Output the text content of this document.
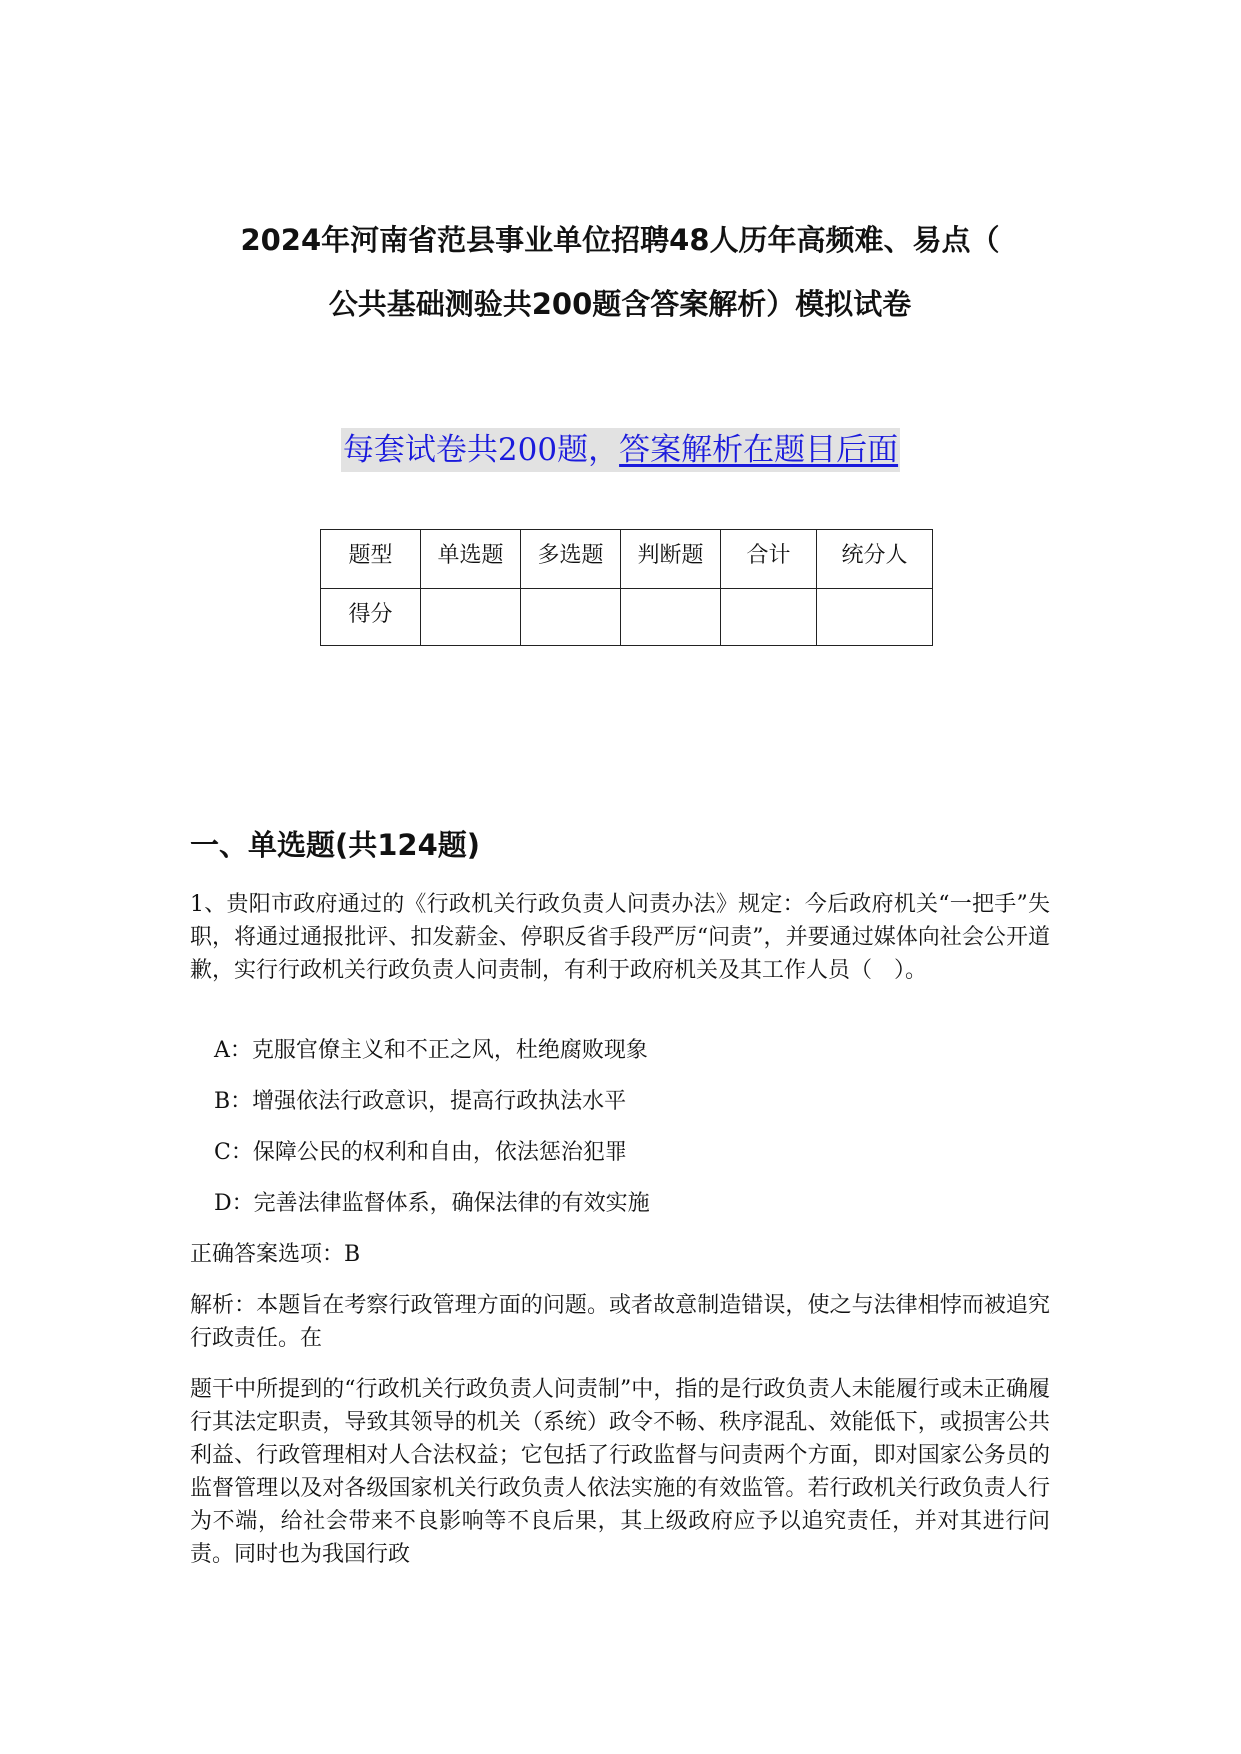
2024年河南省范县事业单位招聘48人历年高频难、易点（
公共基础测验共200题含答案解析）模拟试卷
每套试卷共200题，答案解析在题目后面
题型	单选题	多选题	判断题	合计	统分人
得分					
一、单选题(共124题)
1、贵阳市政府通过的《行政机关行政负责人问责办法》规定：今后政府机关“一把手”失职，将通过通报批评、扣发薪金、停职反省手段严厉“问责”，并要通过媒体向社会公开道歉，实行行政机关行政负责人问责制，有利于政府机关及其工作人员（　）。
A：克服官僚主义和不正之风，杜绝腐败现象
B：增强依法行政意识，提高行政执法水平
C：保障公民的权利和自由，依法惩治犯罪
D：完善法律监督体系，确保法律的有效实施
正确答案选项：B
解析：本题旨在考察行政管理方面的问题。或者故意制造错误，使之与法律相悖而被追究行政责任。在
题干中所提到的“行政机关行政负责人问责制”中，指的是行政负责人未能履行或未正确履行其法定职责，导致其领导的机关（系统）政令不畅、秩序混乱、效能低下，或损害公共利益、行政管理相对人合法权益；它包括了行政监督与问责两个方面，即对国家公务员的监督管理以及对各级国家机关行政负责人依法实施的有效监管。若行政机关行政负责人行为不端，给社会带来不良影响等不良后果，其上级政府应予以追究责任，并对其进行问责。同时也为我国行政
